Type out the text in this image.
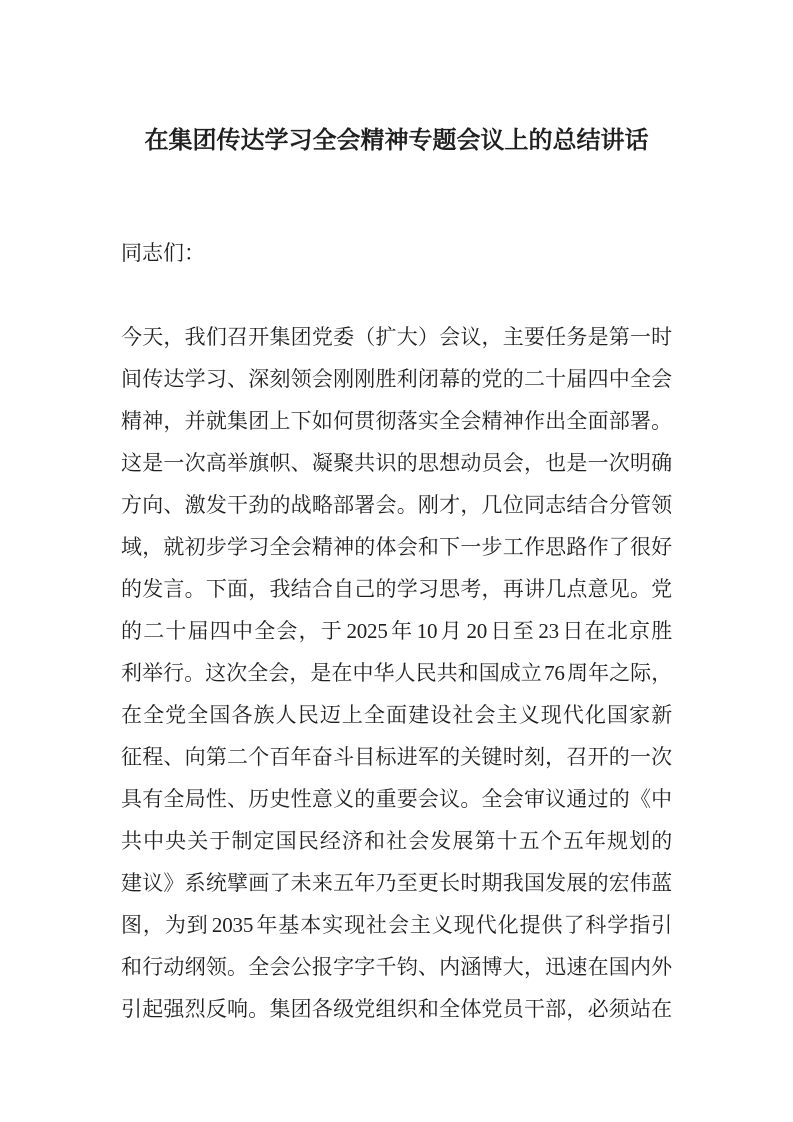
在集团传达学习全会精神专题会议上的总结讲话

同志们：

今天，我们召开集团党委（扩大）会议，主要任务是第一时
间传达学习、深刻领会刚刚胜利闭幕的党的二十届四中全会
精神，并就集团上下如何贯彻落实全会精神作出全面部署。
这是一次高举旗帜、凝聚共识的思想动员会，也是一次明确
方向、激发干劲的战略部署会。刚才，几位同志结合分管领
域，就初步学习全会精神的体会和下一步工作思路作了很好
的发言。下面，我结合自己的学习思考，再讲几点意见。党
的二十届四中全会，于 2025 年 10 月 20 日至 23 日在北京胜
利举行。这次全会，是在中华人民共和国成立 76 周年之际，
在全党全国各族人民迈上全面建设社会主义现代化国家新
征程、向第二个百年奋斗目标进军的关键时刻，召开的一次
具有全局性、历史性意义的重要会议。全会审议通过的《中
共中央关于制定国民经济和社会发展第十五个五年规划的
建议》系统擘画了未来五年乃至更长时期我国发展的宏伟蓝
图，为到 2035 年基本实现社会主义现代化提供了科学指引
和行动纲领。全会公报字字千钧、内涵博大，迅速在国内外
引起强烈反响。集团各级党组织和全体党员干部，必须站在
